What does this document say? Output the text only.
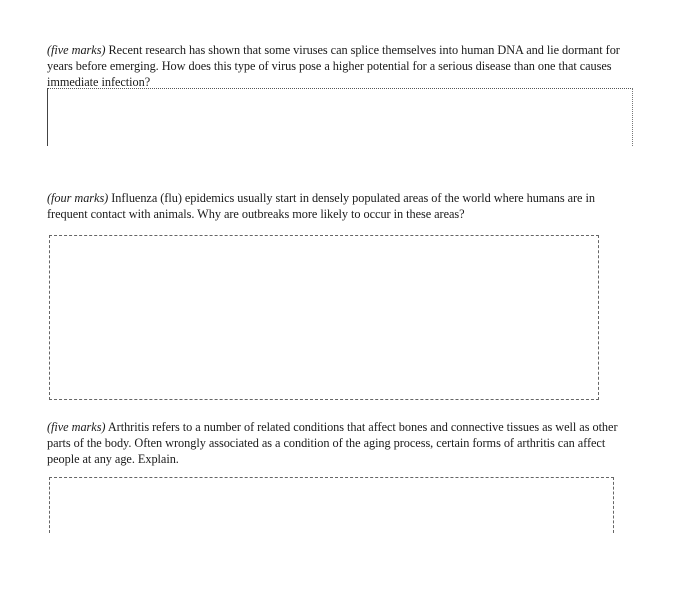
(five marks) Recent research has shown that some viruses can splice themselves into human DNA and lie dormant for years before emerging. How does this type of virus pose a higher potential for a serious disease than one that causes immediate infection?
(four marks) Influenza (flu) epidemics usually start in densely populated areas of the world where humans are in frequent contact with animals. Why are outbreaks more likely to occur in these areas?
(five marks) Arthritis refers to a number of related conditions that affect bones and connective tissues as well as other parts of the body. Often wrongly associated as a condition of the aging process, certain forms of arthritis can affect people at any age. Explain.
